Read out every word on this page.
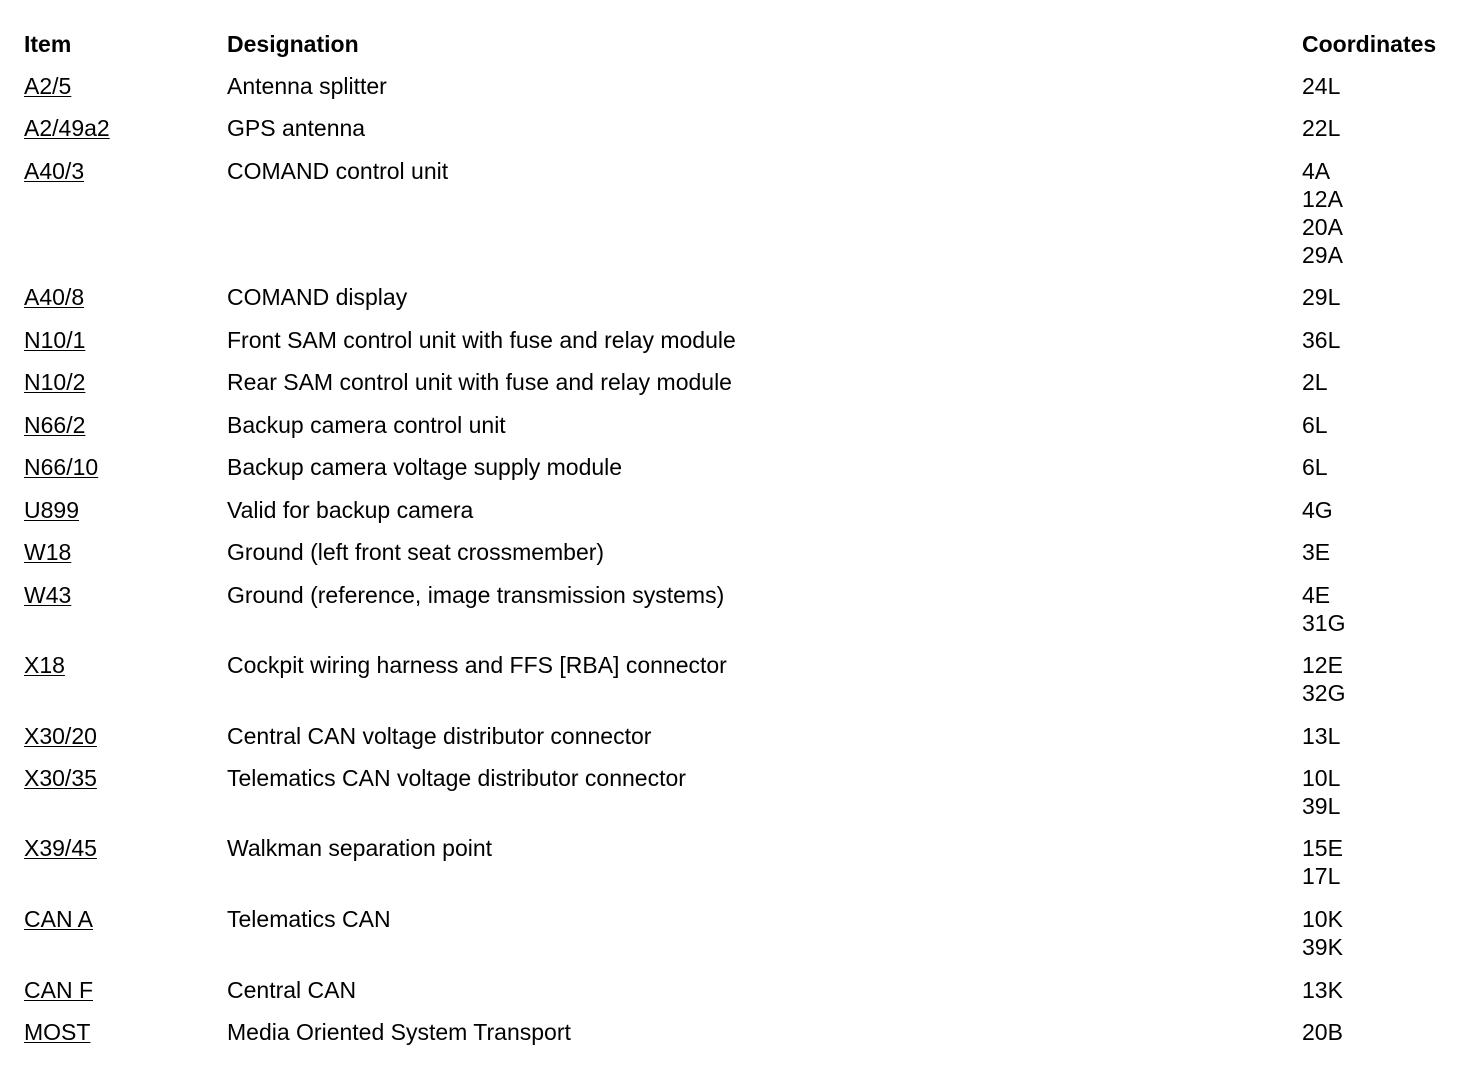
Item	Designation	Coordinates
A2/5	Antenna splitter	24L
A2/49a2	GPS antenna	22L
A40/3	COMAND control unit	4A
12A
20A
29A
A40/8	COMAND display	29L
N10/1	Front SAM control unit with fuse and relay module	36L
N10/2	Rear SAM control unit with fuse and relay module	2L
N66/2	Backup camera control unit	6L
N66/10	Backup camera voltage supply module	6L
U899	Valid for backup camera	4G
W18	Ground (left front seat crossmember)	3E
W43	Ground (reference, image transmission systems)	4E
31G
X18	Cockpit wiring harness and FFS [RBA] connector	12E
32G
X30/20	Central CAN voltage distributor connector	13L
X30/35	Telematics CAN voltage distributor connector	10L
39L
X39/45	Walkman separation point	15E
17L
CAN A	Telematics CAN	10K
39K
CAN F	Central CAN	13K
MOST	Media Oriented System Transport	20B
